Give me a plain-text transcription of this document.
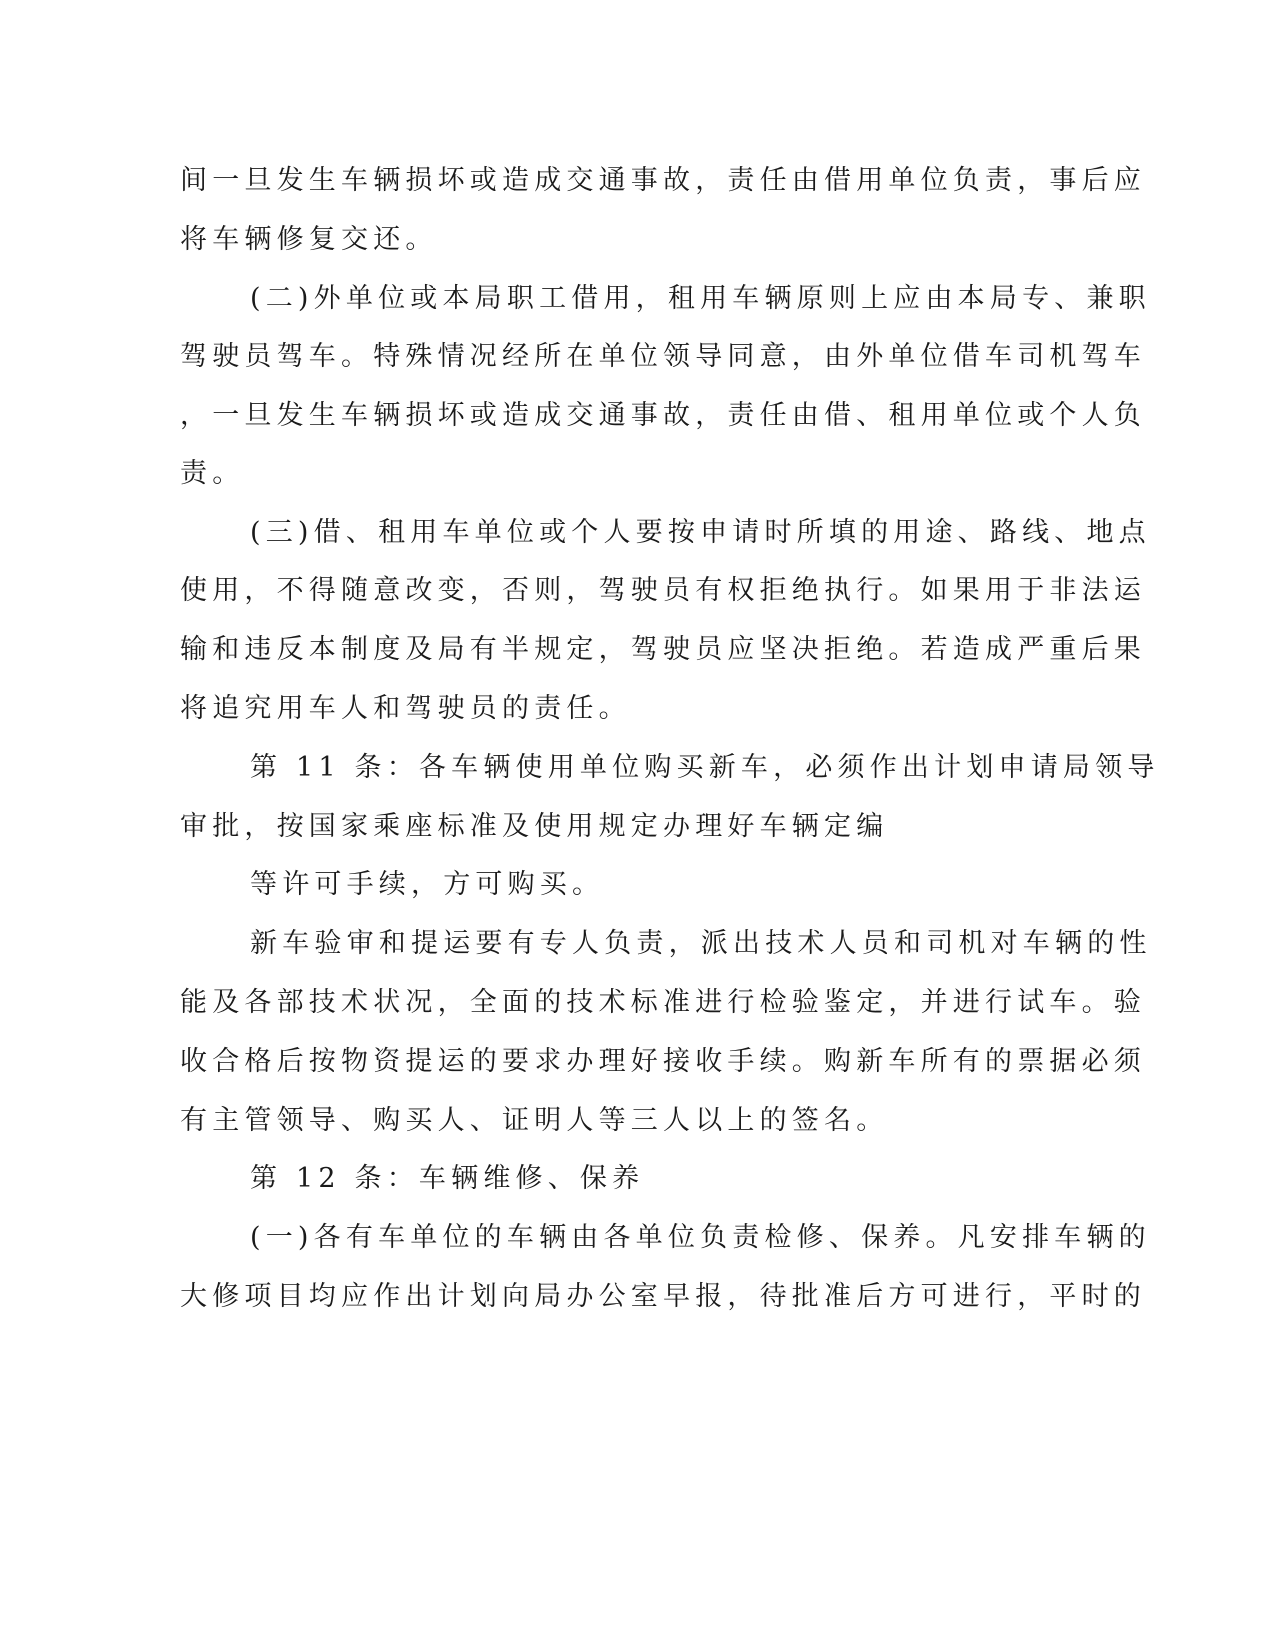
间一旦发生车辆损坏或造成交通事故，责任由借用单位负责，事后应
将车辆修复交还。
(二)外单位或本局职工借用，租用车辆原则上应由本局专、兼职
驾驶员驾车。特殊情况经所在单位领导同意，由外单位借车司机驾车
，一旦发生车辆损坏或造成交通事故，责任由借、租用单位或个人负
责。
(三)借、租用车单位或个人要按申请时所填的用途、路线、地点
使用，不得随意改变，否则，驾驶员有权拒绝执行。如果用于非法运
输和违反本制度及局有半规定，驾驶员应坚决拒绝。若造成严重后果
将追究用车人和驾驶员的责任。
第 11 条：各车辆使用单位购买新车，必须作出计划申请局领导
审批，按国家乘座标准及使用规定办理好车辆定编
等许可手续，方可购买。
新车验审和提运要有专人负责，派出技术人员和司机对车辆的性
能及各部技术状况，全面的技术标准进行检验鉴定，并进行试车。验
收合格后按物资提运的要求办理好接收手续。购新车所有的票据必须
有主管领导、购买人、证明人等三人以上的签名。
第 12 条：车辆维修、保养
(一)各有车单位的车辆由各单位负责检修、保养。凡安排车辆的
大修项目均应作出计划向局办公室早报，待批准后方可进行，平时的
